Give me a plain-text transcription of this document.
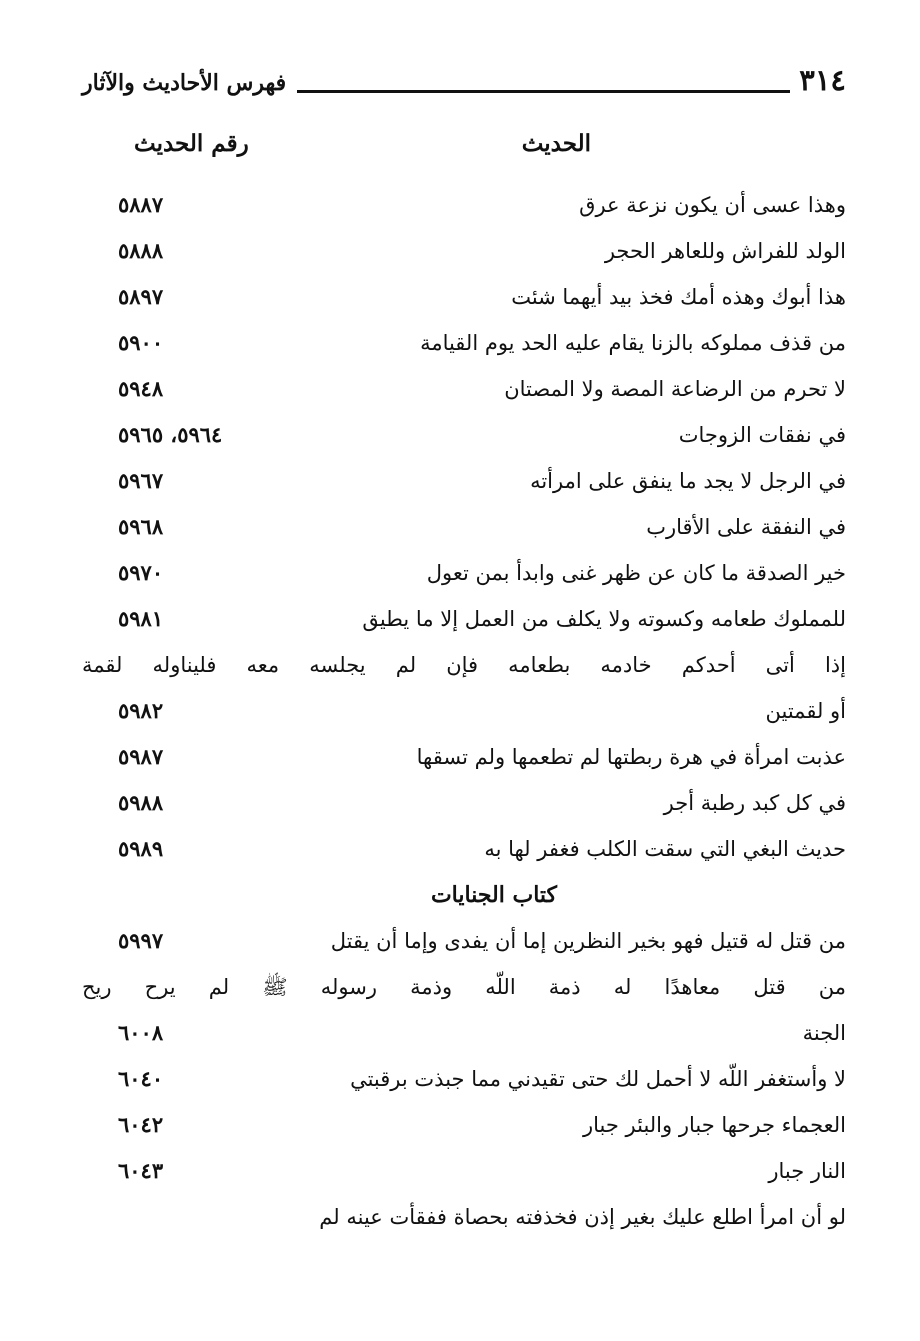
٣١٤
فهرس الأحاديث والآثار
الحديث
رقم الحديث
وهذا عسى أن يكون نزعة عرق
٥٨٨٧
الولد للفراش وللعاهر الحجر
٥٨٨٨
هذا أبوك وهذه أمك فخذ بيد أيهما شئت
٥٨٩٧
من قذف مملوكه بالزنا يقام عليه الحد يوم القيامة
٥٩٠٠
لا تحرم من الرضاعة المصة ولا المصتان
٥٩٤٨
في نفقات الزوجات
٥٩٦٤، ٥٩٦٥
في الرجل لا يجد ما ينفق على امرأته
٥٩٦٧
في النفقة على الأقارب
٥٩٦٨
خير الصدقة ما كان عن ظهر غنى وابدأ بمن تعول
٥٩٧٠
للمملوك طعامه وكسوته ولا يكلف من العمل إلا ما يطيق
٥٩٨١
إذا أتى أحدكم خادمه بطعامه فإن لم يجلسه معه فليناوله لقمة
أو لقمتين
٥٩٨٢
عذبت امرأة في هرة ربطتها لم تطعمها ولم تسقها
٥٩٨٧
في كل كبد رطبة أجر
٥٩٨٨
حديث البغي التي سقت الكلب فغفر لها به
٥٩٨٩
كتاب الجنايات
من قتل له قتيل فهو بخير النظرين إما أن يفدى وإما أن يقتل
٥٩٩٧
من قتل معاهدًا له ذمة اللّه وذمة رسوله ﷺ لم يرح ريح
الجنة
٦٠٠٨
لا وأستغفر اللّه لا أحمل لك حتى تقيدني مما جبذت برقبتي
٦٠٤٠
العجماء جرحها جبار والبئر جبار
٦٠٤٢
النار جبار
٦٠٤٣
لو أن امرأ اطلع عليك بغير إذن فخذفته بحصاة ففقأت عينه لم
